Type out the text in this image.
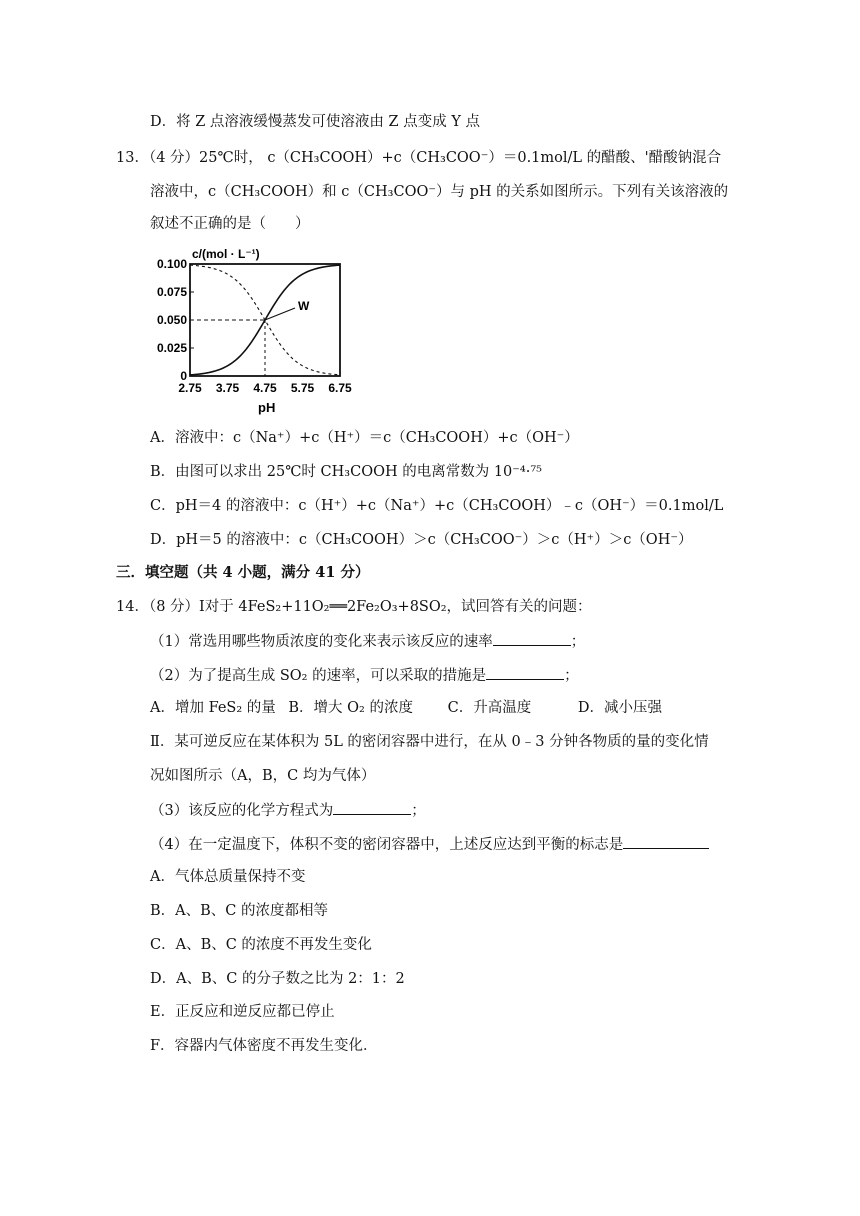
D．将 Z 点溶液缓慢蒸发可使溶液由 Z 点变成 Y 点
13．（4 分）25℃时， c（CH₃COOH）+c（CH₃COO⁻）＝0.1mol/L 的醋酸、'醋酸钠混合
溶液中，c（CH₃COOH）和 c（CH₃COO⁻）与 pH 的关系如图所示。下列有关该溶液的
叙述不正确的是（　　）
c/(mol · L⁻¹)
0
0.025
0.050
0.075
0.100
2.75 3.75 4.75 5.75 6.75
W
pH
A．溶液中：c（Na⁺）+c（H⁺）＝c（CH₃COOH）+c（OH⁻）
B．由图可以求出 25℃时 CH₃COOH 的电离常数为 10⁻⁴·⁷⁵
C．pH＝4 的溶液中：c（H⁺）+c（Na⁺）+c（CH₃COOH）﹣c（OH⁻）＝0.1mol/L
D．pH＝5 的溶液中：c（CH₃COOH）＞c（CH₃COO⁻）＞c（H⁺）＞c（OH⁻）
三．填空题（共 4 小题，满分 41 分）
14．（8 分）Ⅰ对于 4FeS₂+11O₂══2Fe₂O₃+8SO₂，试回答有关的问题：
（1）常选用哪些物质浓度的变化来表示该反应的速率	；
（2）为了提高生成 SO₂ 的速率，可以采取的措施是	；
A．增加 FeS₂ 的量 B．增大 O₂ 的浓度 C．升高温度	D．减小压强
Ⅱ．某可逆反应在某体积为 5L 的密闭容器中进行，在从 0﹣3 分钟各物质的量的变化情
况如图所示（A，B，C 均为气体）
（3）该反应的化学方程式为	；
（4）在一定温度下，体积不变的密闭容器中，上述反应达到平衡的标志是
A．气体总质量保持不变
B．A、B、C 的浓度都相等
C．A、B、C 的浓度不再发生变化
D．A、B、C 的分子数之比为 2：1：2
E．正反应和逆反应都已停止
F．容器内气体密度不再发生变化．
